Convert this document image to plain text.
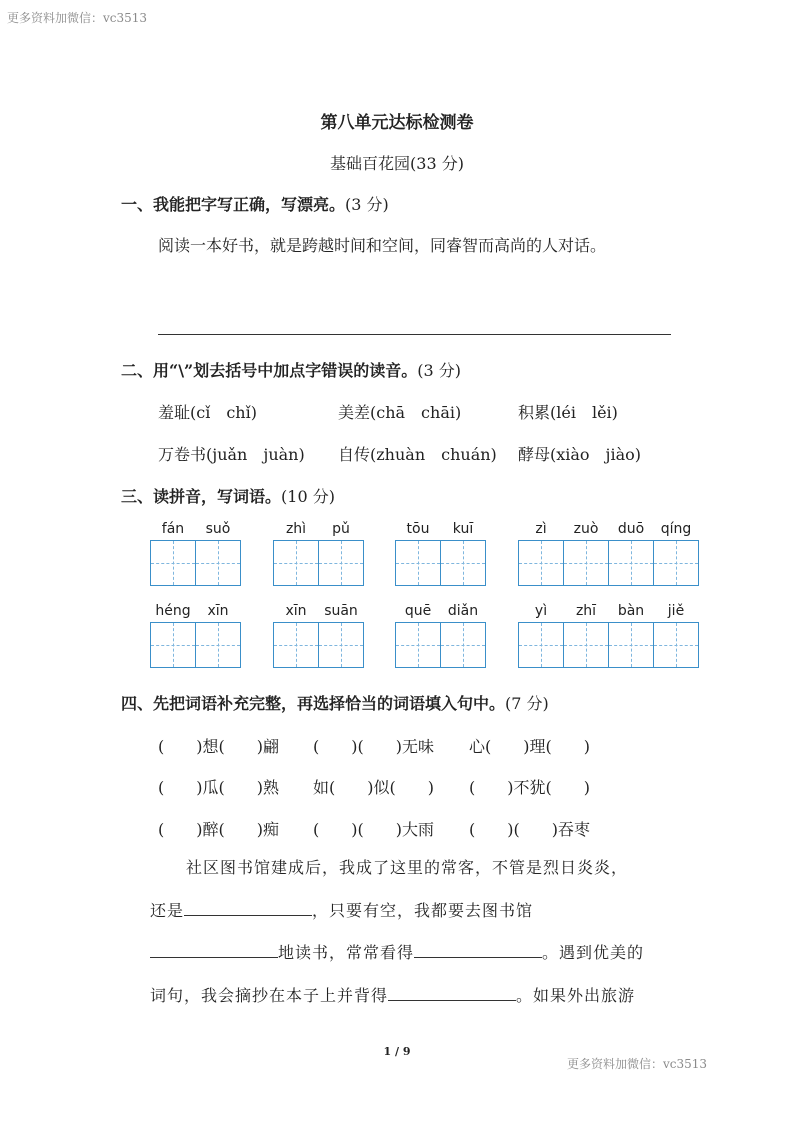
更多资料加微信：vc3513
第八单元达标检测卷
基础百花园(33 分)
一、我能把字写正确，写漂亮。(3 分)
阅读一本好书，就是跨越时间和空间，同睿智而高尚的人对话。
二、用“\”划去括号中加点字错误的读音。(3 分)
羞耻(cǐ　chǐ)	美差(chā　chāi)	积累(léi　lěi)
万卷书(juǎn　juàn) 自传(zhuàn　chuán) 酵母(xiào　jiào)
三、读拼音，写词语。(10 分)
fán	suǒ	zhì	pǔ	tōu	kuī	zì	zuò	duō	qíng
héng	xīn	xīn	suān	quē	diǎn	yì	zhī	bàn	jiě
四、先把词语补充完整，再选择恰当的词语填入句中。(7 分)
(　　)想(　　)翩 (　　)(　　)无味 心(　　)理(　　)
(　　)瓜(　　)熟 如(　　)似(　　) (　　)不犹(　　)
(　　)醉(　　)痴 (　　)(　　)大雨 (　　)(　　)吞枣
社区图书馆建成后，我成了这里的常客，不管是烈日炎炎，
还是	，只要有空，我都要去图书馆
地读书，常常看得	。遇到优美的
词句，我会摘抄在本子上并背得	。如果外出旅游
1 / 9
更多资料加微信：vc3513
